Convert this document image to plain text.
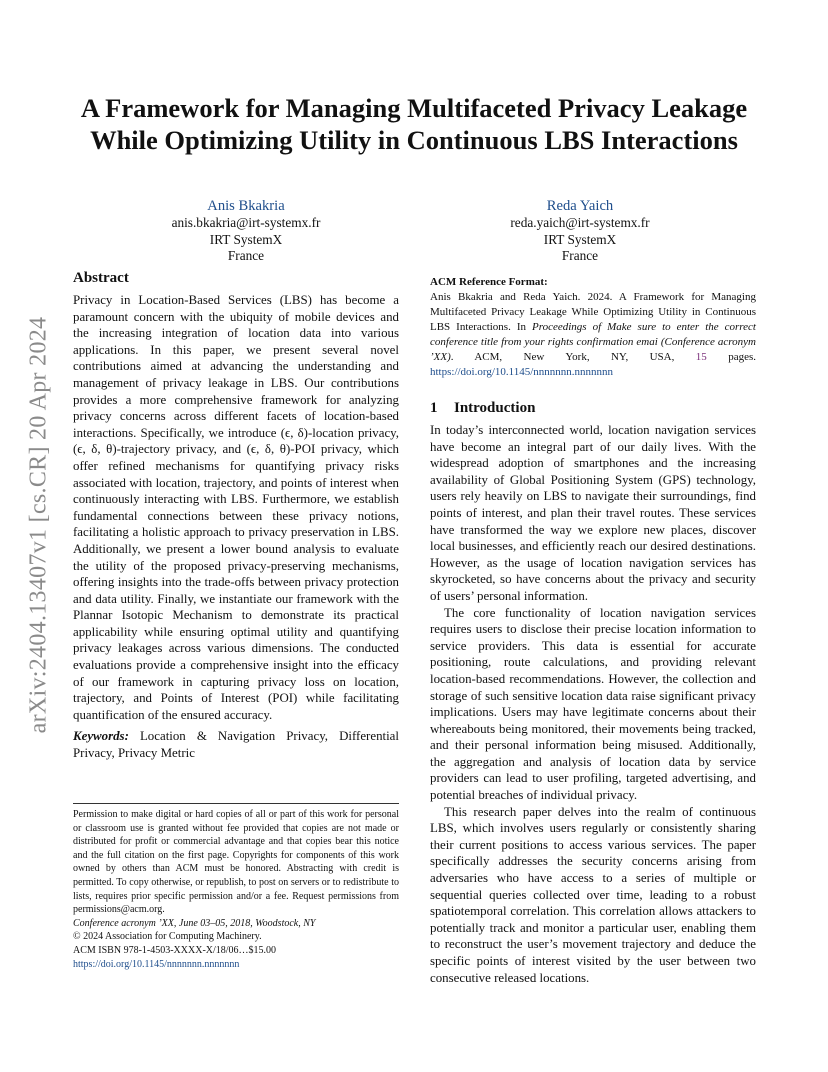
arXiv:2404.13407v1 [cs.CR] 20 Apr 2024
A Framework for Managing Multifaceted Privacy Leakage While Optimizing Utility in Continuous LBS Interactions
Anis Bkakria
anis.bkakria@irt-systemx.fr
IRT SystemX
France
Reda Yaich
reda.yaich@irt-systemx.fr
IRT SystemX
France
Abstract
Privacy in Location-Based Services (LBS) has become a paramount concern with the ubiquity of mobile devices and the increasing integration of location data into various applications. In this paper, we present several novel contributions aimed at advancing the understanding and management of privacy leakage in LBS. Our contributions provides a more comprehensive framework for analyzing privacy concerns across different facets of location-based interactions. Specifically, we introduce (ϵ, δ)-location privacy, (ϵ, δ, θ)-trajectory privacy, and (ϵ, δ, θ)-POI privacy, which offer refined mechanisms for quantifying privacy risks associated with location, trajectory, and points of interest when continuously interacting with LBS. Furthermore, we establish fundamental connections between these privacy notions, facilitating a holistic approach to privacy preservation in LBS. Additionally, we present a lower bound analysis to evaluate the utility of the proposed privacy-preserving mechanisms, offering insights into the trade-offs between privacy protection and data utility. Finally, we instantiate our framework with the Plannar Isotopic Mechanism to demonstrate its practical applicability while ensuring optimal utility and quantifying privacy leakages across various dimensions. The conducted evaluations provide a comprehensive insight into the efficacy of our framework in capturing privacy loss on location, trajectory, and Points of Interest (POI) while facilitating quantification of the ensured accuracy.
Keywords: Location & Navigation Privacy, Differential Privacy, Privacy Metric

Permission to make digital or hard copies of all or part of this work for personal or classroom use is granted without fee provided that copies are not made or distributed for profit or commercial advantage and that copies bear this notice and the full citation on the first page. Copyrights for components of this work owned by others than ACM must be honored. Abstracting with credit is permitted. To copy otherwise, or republish, to post on servers or to redistribute to lists, requires prior specific permission and/or a fee. Request permissions from permissions@acm.org.

Conference acronym ’XX, June 03–05, 2018, Woodstock, NY

© 2024 Association for Computing Machinery.

ACM ISBN 978-1-4503-XXXX-X/18/06…$15.00

https://doi.org/10.1145/nnnnnnn.nnnnnnn

ACM Reference Format:
Anis Bkakria and Reda Yaich. 2024. A Framework for Managing Multifaceted Privacy Leakage While Optimizing Utility in Continuous LBS Interactions. In Proceedings of Make sure to enter the correct conference title from your rights confirmation emai (Conference acronym ’XX). ACM, New York, NY, USA, 15 pages. https://doi.org/10.1145/nnnnnnn.nnnnnnn
1 Introduction

In today’s interconnected world, location navigation services have become an integral part of our daily lives. With the widespread adoption of smartphones and the increasing availability of Global Positioning System (GPS) technology, users rely heavily on LBS to navigate their surroundings, find points of interest, and plan their travel routes. These services have transformed the way we explore new places, discover local businesses, and efficiently reach our desired destinations. However, as the usage of location navigation services has skyrocketed, so have concerns about the privacy and security of users’ personal information.

The core functionality of location navigation services requires users to disclose their precise location information to service providers. This data is essential for accurate positioning, route calculations, and providing relevant location-based recommendations. However, the collection and storage of such sensitive location data raise significant privacy implications. Users may have legitimate concerns about their whereabouts being monitored, their movements being tracked, and their personal information being misused. Additionally, the aggregation and analysis of location data by service providers can lead to user profiling, targeted advertising, and potential breaches of individual privacy.

This research paper delves into the realm of continuous LBS, which involves users regularly or consistently sharing their current positions to access various services. The paper specifically addresses the security concerns arising from adversaries who have access to a series of multiple or sequential queries collected over time, leading to a robust spatiotemporal correlation. This correlation allows attackers to potentially track and monitor a particular user, enabling them to reconstruct the user’s movement trajectory and deduce the specific points of interest visited by the user between two consecutive released locations.
